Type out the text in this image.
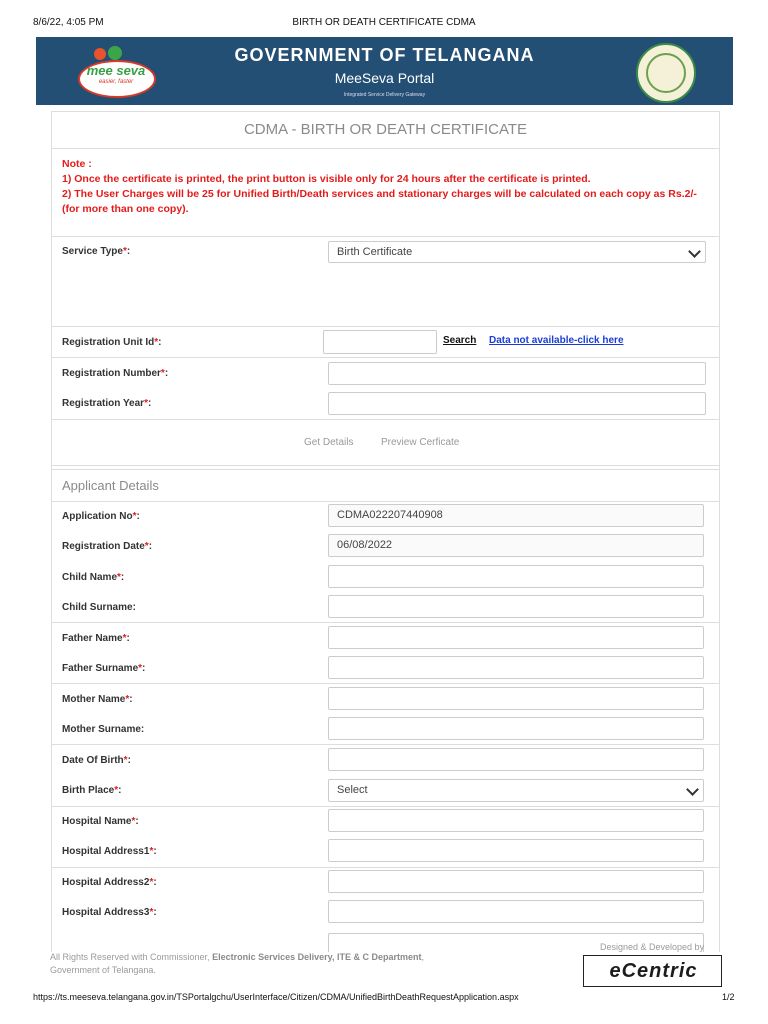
8/6/22, 4:05 PM	BIRTH OR DEATH CERTIFICATE CDMA
mee seva
easier, faster
GOVERNMENT OF TELANGANA
MeeSeva Portal
Integrated Service Delivery Gateway
CDMA - BIRTH OR DEATH CERTIFICATE
Note :
1) Once the certificate is printed, the print button is visible only for 24 hours after the certificate is printed.
2) The User Charges will be 25 for Unified Birth/Death services and stationary charges will be calculated on each copy as Rs.2/- (for more than one copy).
Service Type*:	Birth Certificate
Registration Unit Id*:	Search Data not available-click here
Registration Number*:
Registration Year*:
Get Details	Preview Cerficate
Applicant Details
Application No*:	CDMA022207440908
Registration Date*:	06/08/2022
Child Name*:
Child Surname:
Father Name*:
Father Surname*:
Mother Name*:
Mother Surname:
Date Of Birth*:
Birth Place*:	Select
Hospital Name*:
Hospital Address1*:
Hospital Address2*:
Hospital Address3*:
All Rights Reserved with Commissioner, Electronic Services Delivery, ITE & C Department,
Government of Telangana.
Designed & Developed by
eCentric
https://ts.meeseva.telangana.gov.in/TSPortalgchu/UserInterface/Citizen/CDMA/UnifiedBirthDeathRequestApplication.aspx	1/2
